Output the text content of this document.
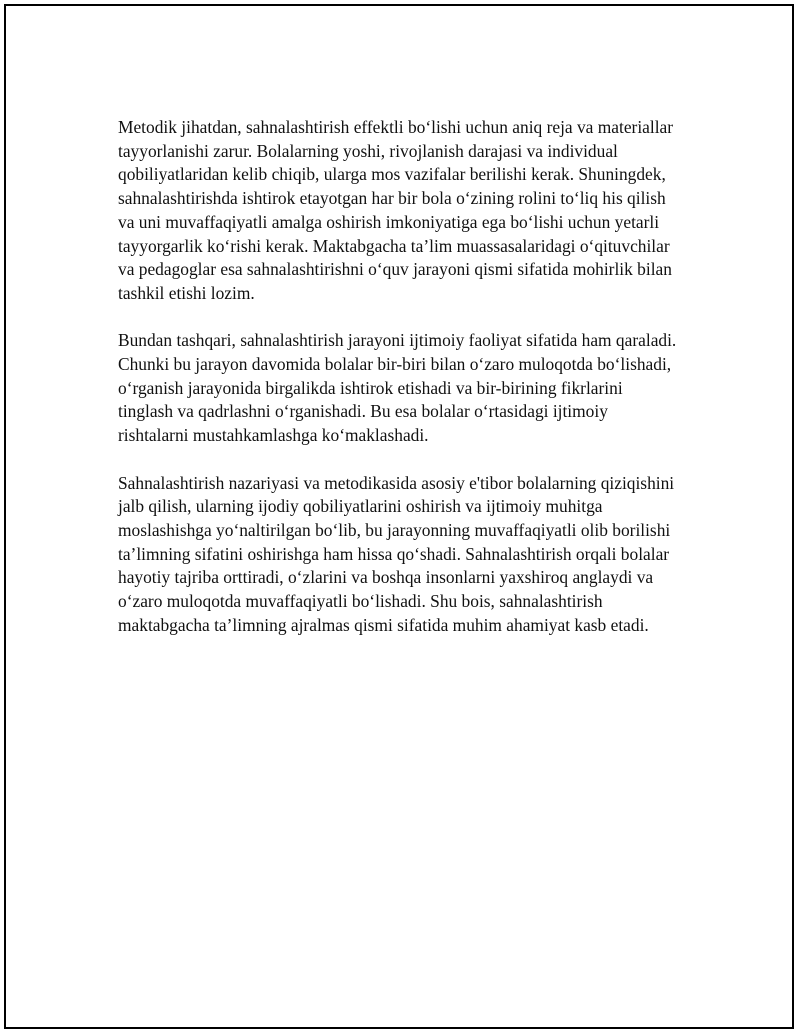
Metodik jihatdan, sahnalashtirish effektli bo‘lishi uchun aniq reja va materiallar tayyorlanishi zarur. Bolalarning yoshi, rivojlanish darajasi va individual qobiliyatlaridan kelib chiqib, ularga mos vazifalar berilishi kerak. Shuningdek, sahnalashtirishda ishtirok etayotgan har bir bola o‘zining rolini to‘liq his qilish va uni muvaffaqiyatli amalga oshirish imkoniyatiga ega bo‘lishi uchun yetarli tayyorgarlik ko‘rishi kerak. Maktabgacha ta’lim muassasalaridagi o‘qituvchilar va pedagoglar esa sahnalashtirishni o‘quv jarayoni qismi sifatida mohirlik bilan tashkil etishi lozim.

Bundan tashqari, sahnalashtirish jarayoni ijtimoiy faoliyat sifatida ham qaraladi. Chunki bu jarayon davomida bolalar bir-biri bilan o‘zaro muloqotda bo‘lishadi, o‘rganish jarayonida birgalikda ishtirok etishadi va bir-birining fikrlarini tinglash va qadrlashni o‘rganishadi. Bu esa bolalar o‘rtasidagi ijtimoiy rishtalarni mustahkamlashga ko‘maklashadi.

Sahnalashtirish nazariyasi va metodikasida asosiy e'tibor bolalarning qiziqishini jalb qilish, ularning ijodiy qobiliyatlarini oshirish va ijtimoiy muhitga moslashishga yo‘naltirilgan bo‘lib, bu jarayonning muvaffaqiyatli olib borilishi ta’limning sifatini oshirishga ham hissa qo‘shadi. Sahnalashtirish orqali bolalar hayotiy tajriba orttiradi, o‘zlarini va boshqa insonlarni yaxshiroq anglaydi va o‘zaro muloqotda muvaffaqiyatli bo‘lishadi. Shu bois, sahnalashtirish maktabgacha ta’limning ajralmas qismi sifatida muhim ahamiyat kasb etadi.
